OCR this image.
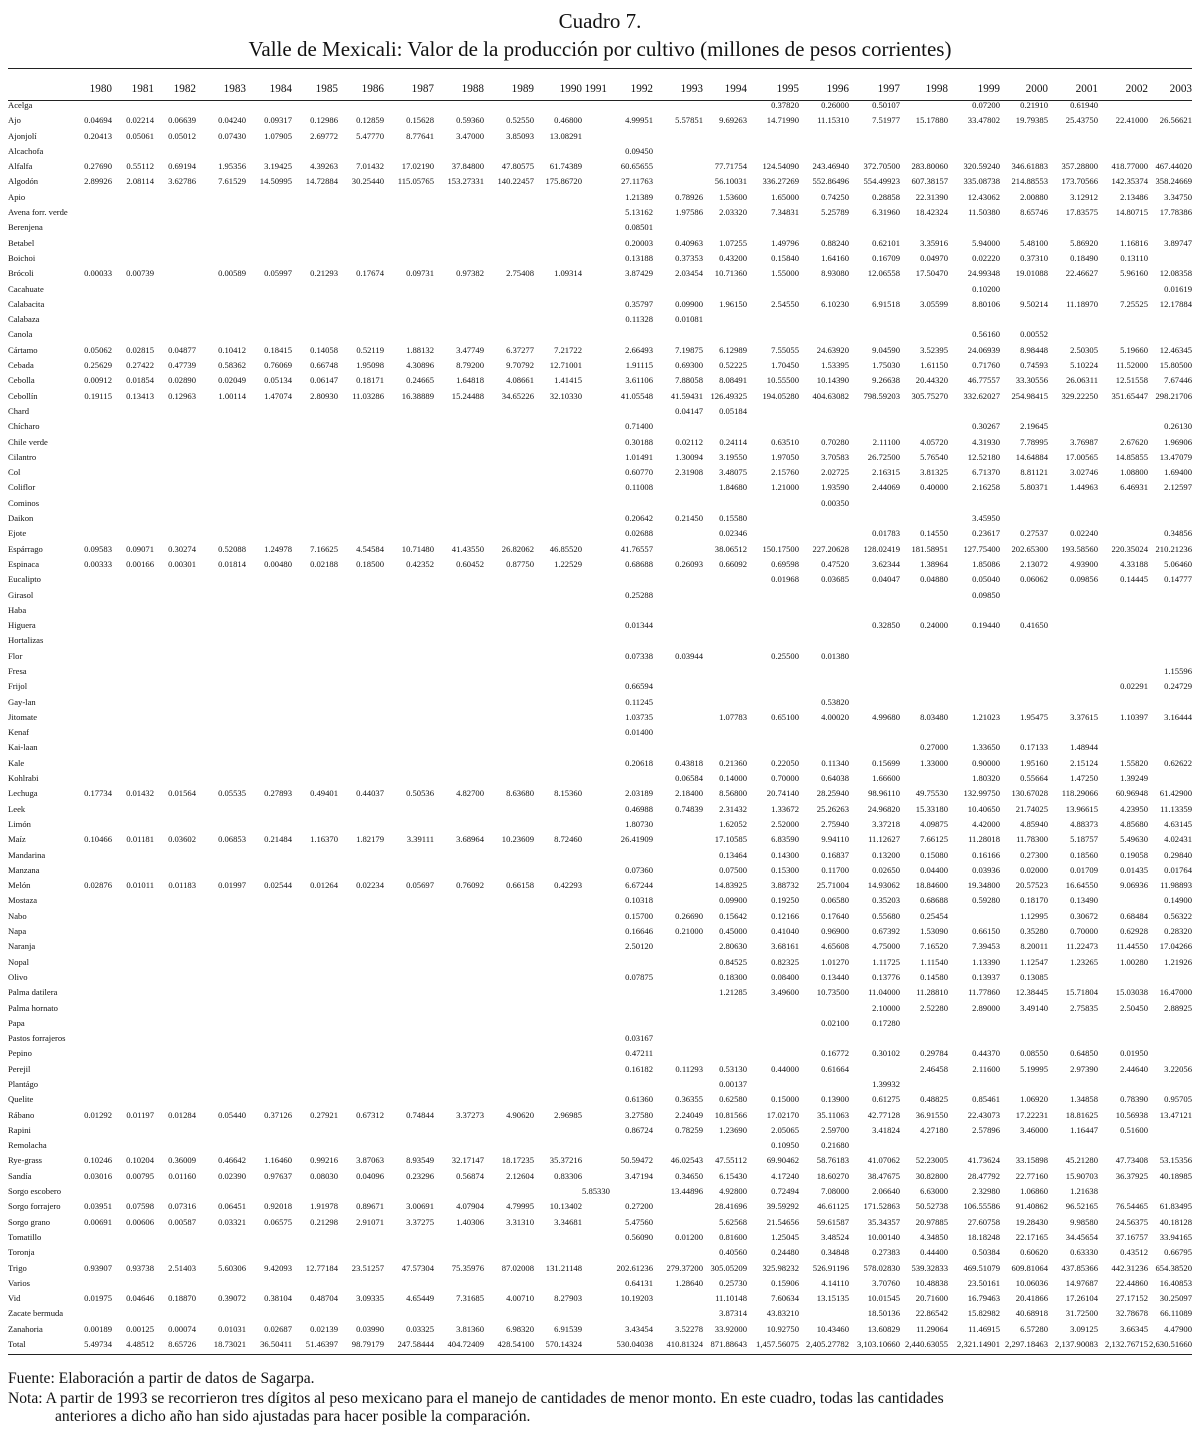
Cuadro 7.
Valle de Mexicali: Valor de la producción por cultivo (millones de pesos corrientes)
	1980	1981	1982	1983	1984	1985	1986	1987	1988	1989	1990	1991	1992	1993	1994	1995	1996	1997	1998	1999	2000	2001	2002	2003
Acelga																0.37820	0.26000	0.50107		0.07200	0.21910	0.61940		
Ajo	0.04694	0.02214	0.06639	0.04240	0.09317	0.12986	0.12859	0.15628	0.59360	0.52550	0.46800		4.99951	5.57851	9.69263	14.71990	11.15310	7.51977	15.17880	33.47802	19.79385	25.43750	22.41000	26.56621
Ajonjolí	0.20413	0.05061	0.05012	0.07430	1.07905	2.69772	5.47770	8.77641	3.47000	3.85093	13.08291													
Alcachofa													0.09450											
Alfalfa	0.27690	0.55112	0.69194	1.95356	3.19425	4.39263	7.01432	17.02190	37.84800	47.80575	61.74389		60.65655		77.71754	124.54090	243.46940	372.70500	283.80060	320.59240	346.61883	357.28800	418.77000	467.44020
Algodón	2.89926	2.08114	3.62786	7.61529	14.50995	14.72884	30.25440	115.05765	153.27331	140.22457	175.86720		27.11763		56.10031	336.27269	552.86496	554.49923	607.38157	335.08738	214.88553	173.70566	142.35374	358.24669
Apio													1.21389	0.78926	1.53600	1.65000	0.74250	0.28858	22.31390	12.43062	2.00880	3.12912	2.13486	3.34750
Avena forr. verde													5.13162	1.97586	2.03320	7.34831	5.25789	6.31960	18.42324	11.50380	8.65746	17.83575	14.80715	17.78386
Berenjena													0.08501											
Betabel													0.20003	0.40963	1.07255	1.49796	0.88240	0.62101	3.35916	5.94000	5.48100	5.86920	1.16816	3.89747
Boichoi													0.13188	0.37353	0.43200	0.15840	1.64160	0.16709	0.04970	0.02220	0.37310	0.18490	0.13110	
Brócoli	0.00033	0.00739		0.00589	0.05997	0.21293	0.17674	0.09731	0.97382	2.75408	1.09314		3.87429	2.03454	10.71360	1.55000	8.93080	12.06558	17.50470	24.99348	19.01088	22.46627	5.96160	12.08358
Cacahuate																				0.10200				0.01619
Calabacita													0.35797	0.09900	1.96150	2.54550	6.10230	6.91518	3.05599	8.80106	9.50214	11.18970	7.25525	12.17884
Calabaza													0.11328	0.01081										
Canola																				0.56160	0.00552			
Cártamo	0.05062	0.02815	0.04877	0.10412	0.18415	0.14058	0.52119	1.88132	3.47749	6.37277	7.21722		2.66493	7.19875	6.12989	7.55055	24.63920	9.04590	3.52395	24.06939	8.98448	2.50305	5.19660	12.46345
Cebada	0.25629	0.27422	0.47739	0.58362	0.76069	0.66748	1.95098	4.30896	8.79200	9.70792	12.71001		1.91115	0.69300	0.52225	1.70450	1.53395	1.75030	1.61150	0.71760	0.74593	5.10224	11.52000	15.80500
Cebolla	0.00912	0.01854	0.02890	0.02049	0.05134	0.06147	0.18171	0.24665	1.64818	4.08661	1.41415		3.61106	7.88058	8.08491	10.55500	10.14390	9.26638	20.44320	46.77557	33.30556	26.06311	12.51558	7.67446
Cebollín	0.19115	0.13413	0.12963	1.00114	1.47074	2.80930	11.03286	16.38889	15.24488	34.65226	32.10330		41.05548	41.59431	126.49325	194.05280	404.63082	798.59203	305.75270	332.62027	254.98415	329.22250	351.65447	298.21706
Chard														0.04147	0.05184									
Chícharo													0.71400							0.30267	2.19645			0.26130
Chile verde													0.30188	0.02112	0.24114	0.63510	0.70280	2.11100	4.05720	4.31930	7.78995	3.76987	2.67620	1.96906
Cilantro													1.01491	1.30094	3.19550	1.97050	3.70583	26.72500	5.76540	12.52180	14.64884	17.00565	14.85855	13.47079
Col													0.60770	2.31908	3.48075	2.15760	2.02725	2.16315	3.81325	6.71370	8.81121	3.02746	1.08800	1.69400
Coliflor													0.11008		1.84680	1.21000	1.93590	2.44069	0.40000	2.16258	5.80371	1.44963	6.46931	2.12597
Cominos																	0.00350							
Daikon													0.20642	0.21450	0.15580					3.45950				
Ejote													0.02688		0.02346			0.01783	0.14550	0.23617	0.27537	0.02240		0.34856
Espárrago	0.09583	0.09071	0.30274	0.52088	1.24978	7.16625	4.54584	10.71480	41.43550	26.82062	46.85520		41.76557		38.06512	150.17500	227.20628	128.02419	181.58951	127.75400	202.65300	193.58560	220.35024	210.21236
Espinaca	0.00333	0.00166	0.00301	0.01814	0.00480	0.02188	0.18500	0.42352	0.60452	0.87750	1.22529		0.68688	0.26093	0.66092	0.69598	0.47520	3.62344	1.38964	1.85086	2.13072	4.93900	4.33188	5.06460
Eucalipto																0.01968	0.03685	0.04047	0.04880	0.05040	0.06062	0.09856	0.14445	0.14777
Girasol													0.25288							0.09850				
Haba																								
Higuera													0.01344					0.32850	0.24000	0.19440	0.41650			
Hortalizas																								
Flor													0.07338	0.03944		0.25500	0.01380							
Fresa																								1.15596
Frijol													0.66594										0.02291	0.24729
Gay-lan													0.11245				0.53820							
Jitomate													1.03735		1.07783	0.65100	4.00020	4.99680	8.03480	1.21023	1.95475	3.37615	1.10397	3.16444
Kenaf													0.01400											
Kai-laan																			0.27000	1.33650	0.17133	1.48944		
Kale													0.20618	0.43818	0.21360	0.22050	0.11340	0.15699	1.33000	0.90000	1.95160	2.15124	1.55820	0.62622
Kohlrabi														0.06584	0.14000	0.70000	0.64038	1.66600		1.80320	0.55664	1.47250	1.39249	
Lechuga	0.17734	0.01432	0.01564	0.05535	0.27893	0.49401	0.44037	0.50536	4.82700	8.63680	8.15360		2.03189	2.18400	8.56800	20.74140	28.25940	98.96110	49.75530	132.99750	130.67028	118.29066	60.96948	61.42900
Leek													0.46988	0.74839	2.31432	1.33672	25.26263	24.96820	15.33180	10.40650	21.74025	13.96615	4.23950	11.13359
Limón													1.80730		1.62052	2.52000	2.75940	3.37218	4.09875	4.42000	4.85940	4.88373	4.85680	4.63145
Maíz	0.10466	0.01181	0.03602	0.06853	0.21484	1.16370	1.82179	3.39111	3.68964	10.23609	8.72460		26.41909		17.10585	6.83590	9.94110	11.12627	7.66125	11.28018	11.78300	5.18757	5.49630	4.02431
Mandarina															0.13464	0.14300	0.16837	0.13200	0.15080	0.16166	0.27300	0.18560	0.19058	0.29840
Manzana													0.07360		0.07500	0.15300	0.11700	0.02650	0.04400	0.03936	0.02000	0.01709	0.01435	0.01764
Melón	0.02876	0.01011	0.01183	0.01997	0.02544	0.01264	0.02234	0.05697	0.76092	0.66158	0.42293		6.67244		14.83925	3.88732	25.71004	14.93062	18.84600	19.34800	20.57523	16.64550	9.06936	11.98893
Mostaza													0.10318		0.09900	0.19250	0.06580	0.35203	0.68688	0.59280	0.18170	0.13490		0.14900
Nabo													0.15700	0.26690	0.15642	0.12166	0.17640	0.55680	0.25454		1.12995	0.30672	0.68484	0.56322
Napa													0.16646	0.21000	0.45000	0.41040	0.96900	0.67392	1.53090	0.66150	0.35280	0.70000	0.62928	0.28320
Naranja													2.50120		2.80630	3.68161	4.65608	4.75000	7.16520	7.39453	8.20011	11.22473	11.44550	17.04266
Nopal															0.84525	0.82325	1.01270	1.11725	1.11540	1.13390	1.12547	1.23265	1.00280	1.21926
Olivo													0.07875		0.18300	0.08400	0.13440	0.13776	0.14580	0.13937	0.13085			
Palma datilera															1.21285	3.49600	10.73500	11.04000	11.28810	11.77860	12.38445	15.71804	15.03038	16.47000
Palma hornato																		2.10000	2.52280	2.89000	3.49140	2.75835	2.50450	2.88925
Papa																	0.02100	0.17280						
Pastos forrajeros													0.03167											
Pepino													0.47211				0.16772	0.30102	0.29784	0.44370	0.08550	0.64850	0.01950	
Perejil													0.16182	0.11293	0.53130	0.44000	0.61664		2.46458	2.11600	5.19995	2.97390	2.44640	3.22056
Plantágo															0.00137			1.39932						
Quelite													0.61360	0.36355	0.62580	0.15000	0.13900	0.61275	0.48825	0.85461	1.06920	1.34858	0.78390	0.95705
Rábano	0.01292	0.01197	0.01284	0.05440	0.37126	0.27921	0.67312	0.74844	3.37273	4.90620	2.96985		3.27580	2.24049	10.81566	17.02170	35.11063	42.77128	36.91550	22.43073	17.22231	18.81625	10.56938	13.47121
Rapini													0.86724	0.78259	1.23690	2.05065	2.59700	3.41824	4.27180	2.57896	3.46000	1.16447	0.51600	
Remolacha																0.10950	0.21680							
Rye-grass	0.10246	0.10204	0.36009	0.46642	1.16460	0.99216	3.87063	8.93549	32.17147	18.17235	35.37216		50.59472	46.02543	47.55112	69.90462	58.76183	41.07062	52.23005	41.73624	33.15898	45.21280	47.73408	53.15356
Sandía	0.03016	0.00795	0.01160	0.02390	0.97637	0.08030	0.04096	0.23296	0.56874	2.12604	0.83306		3.47194	0.34650	6.15430	4.17240	18.60270	38.47675	30.82800	28.47792	22.77160	15.90703	36.37925	40.18985
Sorgo escobero												5.85330		13.44896	4.92800	0.72494	7.08000	2.06640	6.63000	2.32980	1.06860	1.21638		
Sorgo forrajero	0.03951	0.07598	0.07316	0.06451	0.92018	1.91978	0.89671	3.00691	4.07904	4.79995	10.13402		0.27200		28.41696	39.59292	46.61125	171.52863	50.52738	106.55586	91.40862	96.52165	76.54465	61.83495
Sorgo grano	0.00691	0.00606	0.00587	0.03321	0.06575	0.21298	2.91071	3.37275	1.40306	3.31310	3.34681		5.47560		5.62568	21.54656	59.61587	35.34357	20.97885	27.60758	19.28430	9.98580	24.56375	40.18128
Tomatillo													0.56090	0.01200	0.81600	1.25045	3.48524	10.00140	4.34850	18.18248	22.17165	34.45654	37.16757	33.94165
Toronja															0.40560	0.24480	0.34848	0.27383	0.44400	0.50384	0.60620	0.63330	0.43512	0.66795
Trigo	0.93907	0.93738	2.51403	5.60306	9.42093	12.77184	23.51257	47.57304	75.35976	87.02008	131.21148		202.61236	279.37200	305.05209	325.98232	526.91196	578.02830	539.32833	469.51079	609.81064	437.85366	442.31236	654.38520
Varios													0.64131	1.28640	0.25730	0.15906	4.14110	3.70760	10.48838	23.50161	10.06036	14.97687	22.44860	16.40853
Vid	0.01975	0.04646	0.18870	0.39072	0.38104	0.48704	3.09335	4.65449	7.31685	4.00710	8.27903		10.19203		11.10148	7.60634	13.15135	10.01545	20.71600	16.79463	20.41866	17.26104	27.17152	30.25097
Zacate bermuda															3.87314	43.83210		18.50136	22.86542	15.82982	40.68918	31.72500	32.78678	66.11089
Zanahoria	0.00189	0.00125	0.00074	0.01031	0.02687	0.02139	0.03990	0.03325	3.81360	6.98320	6.91539		3.43454	3.52278	33.92000	10.92750	10.43460	13.60829	11.29064	11.46915	6.57280	3.09125	3.66345	4.47900
Total	5.49734	4.48512	8.65726	18.73021	36.50411	51.46397	98.79179	247.58444	404.72409	428.54100	570.14324		530.04038	410.81324	871.88643	1,457.56075	2,405.27782	3,103.10660	2,440.63055	2,321.14901	2,297.18463	2,137.90083	2,132.76715	2,630.51660
Fuente: Elaboración a partir de datos de Sagarpa.
Nota: A partir de 1993 se recorrieron tres dígitos al peso mexicano para el manejo de cantidades de menor monto. En este cuadro, todas las cantidades
anteriores a dicho año han sido ajustadas para hacer posible la comparación.
